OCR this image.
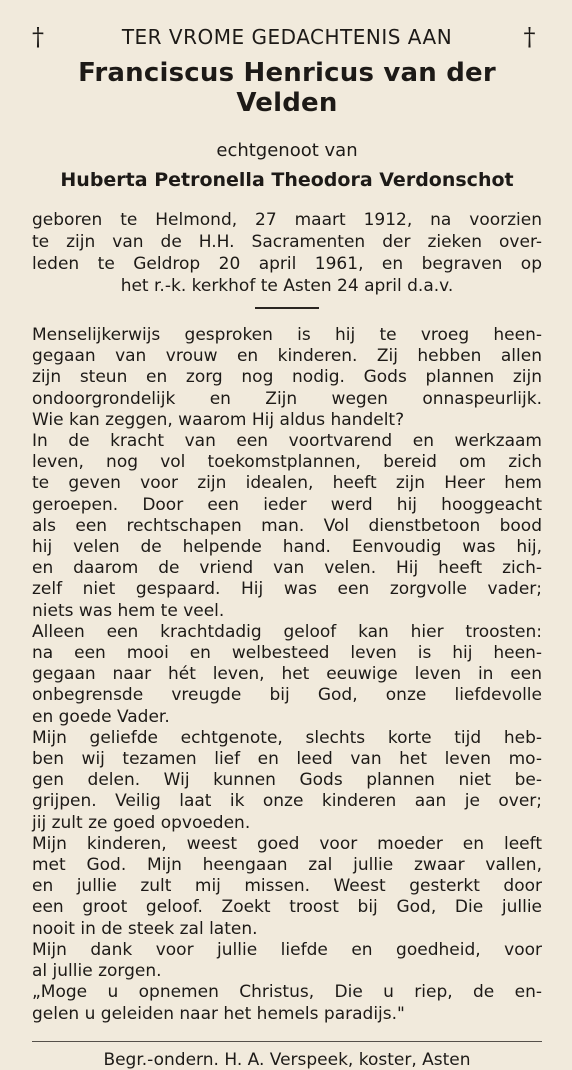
†	TER VROME GEDACHTENIS AAN	†
Franciscus Henricus van der Velden
echtgenoot van
Huberta Petronella Theodora Verdonschot
geboren te Helmond, 27 maart 1912, na voorzien
te zijn van de H.H. Sacramenten der zieken over-
leden te Geldrop 20 april 1961, en begraven op
het r.-k. kerkhof te Asten 24 april d.a.v.
Menselijkerwijs gesproken is hij te vroeg heen-
gegaan van vrouw en kinderen. Zij hebben allen
zijn steun en zorg nog nodig. Gods plannen zijn
ondoorgrondelijk en Zijn wegen onnaspeurlijk.
Wie kan zeggen, waarom Hij aldus handelt?
In de kracht van een voortvarend en werkzaam
leven, nog vol toekomstplannen, bereid om zich
te geven voor zijn idealen, heeft zijn Heer hem
geroepen. Door een ieder werd hij hooggeacht
als een rechtschapen man. Vol dienstbetoon bood
hij velen de helpende hand. Eenvoudig was hij,
en daarom de vriend van velen. Hij heeft zich-
zelf niet gespaard. Hij was een zorgvolle vader;
niets was hem te veel.
Alleen een krachtdadig geloof kan hier troosten:
na een mooi en welbesteed leven is hij heen-
gegaan naar hét leven, het eeuwige leven in een
onbegrensde vreugde bij God, onze liefdevolle
en goede Vader.
Mijn geliefde echtgenote, slechts korte tijd heb-
ben wij tezamen lief en leed van het leven mo-
gen delen. Wij kunnen Gods plannen niet be-
grijpen. Veilig laat ik onze kinderen aan je over;
jij zult ze goed opvoeden.
Mijn kinderen, weest goed voor moeder en leeft
met God. Mijn heengaan zal jullie zwaar vallen,
en jullie zult mij missen. Weest gesterkt door
een groot geloof. Zoekt troost bij God, Die jullie
nooit in de steek zal laten.
Mijn dank voor jullie liefde en goedheid, voor
al jullie zorgen.
„Moge u opnemen Christus, Die u riep, de en-
gelen u geleiden naar het hemels paradijs."
Begr.-ondern. H. A. Verspeek, koster, Asten
